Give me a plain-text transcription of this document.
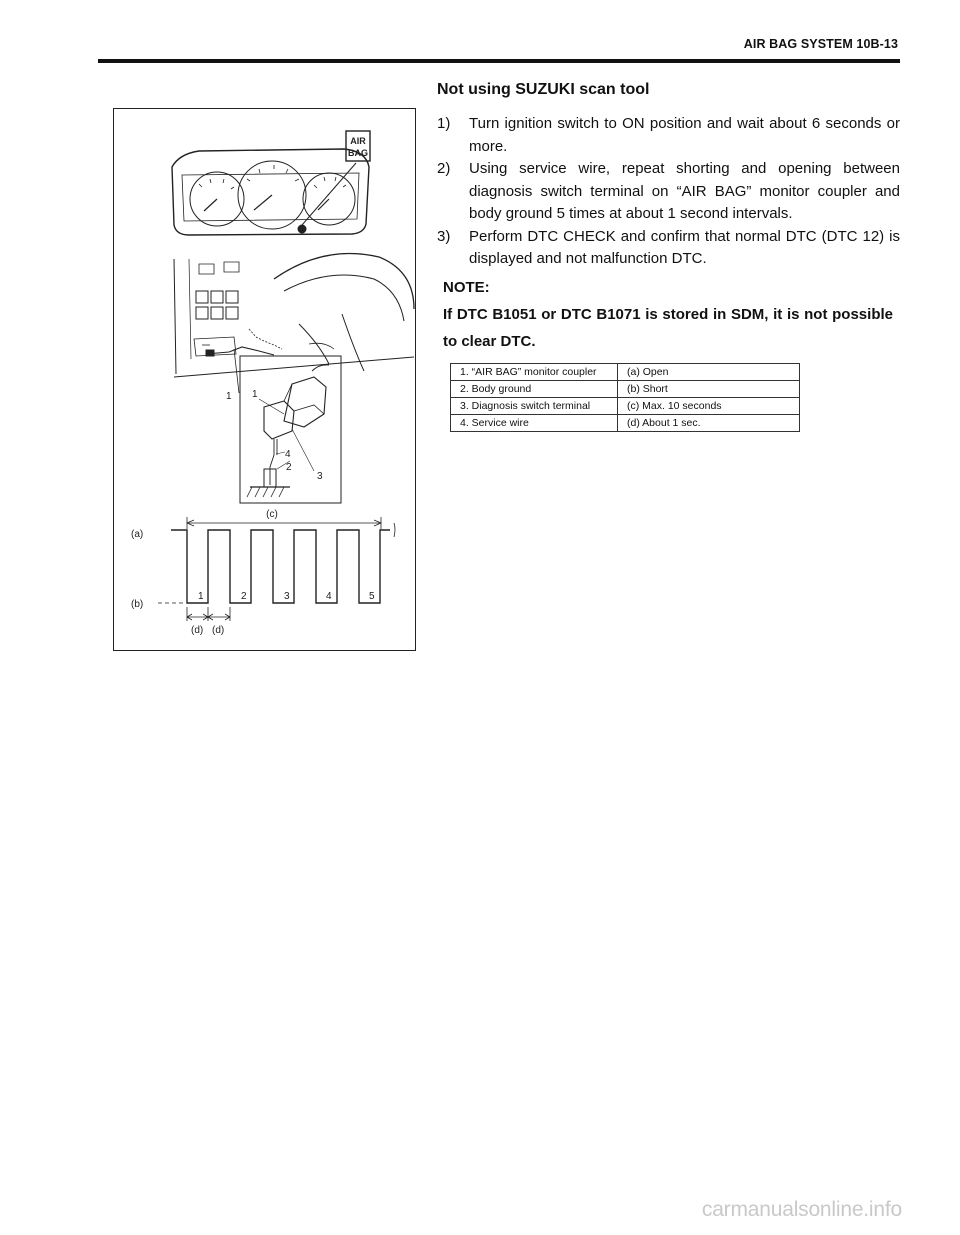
AIR BAG SYSTEM 10B-13
Not using SUZUKI scan tool
AIR
BAG
1 1
4
2
3
(c)
(a)
(b)
1	2	3	4	5
(d) (d)
1) Turn ignition switch to ON position and wait about 6 seconds or more.
2) Using service wire, repeat shorting and opening between diagnosis switch terminal on “AIR BAG” monitor coupler and body ground 5 times at about 1 second intervals.
3) Perform DTC CHECK and confirm that normal DTC (DTC 12) is displayed and not malfunction DTC.
NOTE:
If DTC B1051 or DTC B1071 is stored in SDM, it is not possible to clear DTC.
1. “AIR BAG” monitor coupler	(a) Open
2. Body ground	(b) Short
3. Diagnosis switch terminal	(c) Max. 10 seconds
4. Service wire	(d) About 1 sec.
carmanualsonline.info
